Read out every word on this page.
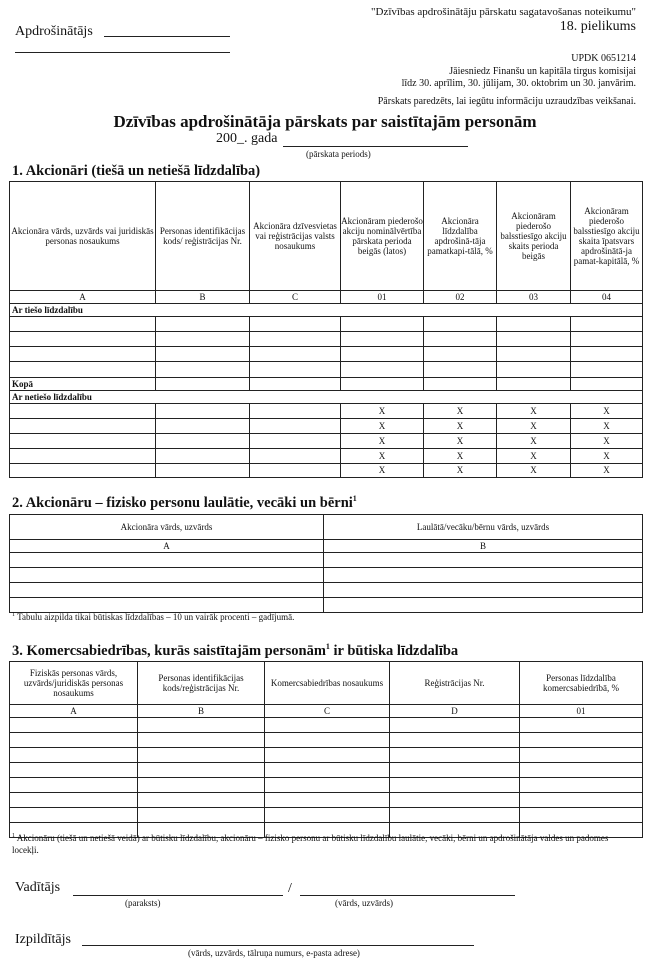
Apdrošinātājs
"Dzīvības apdrošinātāju pārskatu sagatavošanas noteikumu"
18. pielikums
UPDK 0651214
Jāiesniedz Finanšu un kapitāla tirgus komisijai
līdz 30. aprīlim, 30. jūlijam, 30. oktobrim un 30. janvārim.
Pārskats paredzēts, lai iegūtu informāciju uzraudzības veikšanai.
Dzīvības apdrošinātāja pārskats par saistītajām personām
200_. gada
(pārskata periods)
1. Akcionāri (tiešā un netiešā līdzdalība)
Akcionāra vārds, uzvārds vai juridiskās personas nosaukums	Personas identifikācijas kods/ reģistrācijas Nr.	Akcionāra dzīvesvietas vai reģistrācijas valsts nosaukums	Akcionāram piederošo akciju nominālvērtība pārskata perioda beigās (latos)	Akcionāra līdzdalība apdrošinā-tāja pamatkapi-tālā, %	Akcionāram piederošo balsstiesīgo akciju skaits perioda beigās	Akcionāram piederošo balsstiesīgo akciju skaita īpatsvars apdrošinātā-ja pamat-kapitālā, %
A	B	C	01	02	03	04
Ar tiešo līdzdalību						

Kopā						
Ar netiešo līdzdalību						
			X	X	X	X
			X	X	X	X
			X	X	X	X
			X	X	X	X
			X	X	X	X
2. Akcionāru – fizisko personu laulātie, vecāki un bērni$^1$
Akcionāra vārds, uzvārds	Laulātā/vecāku/bērnu vārds, uzvārds
A	B

$^1$ Tabulu aizpilda tikai būtiskas līdzdalības – 10 un vairāk procenti – gadījumā.
3. Komercsabiedrības, kurās saistītajām personām$^1$ ir būtiska līdzdalība
Fiziskās personas vārds, uzvārds/juridiskās personas nosaukums	Personas identifikācijas kods/reģistrācijas Nr.	Komercsabiedrības nosaukums	Reģistrācijas Nr.	Personas līdzdalība komercsabiedrībā, %
A	B	C	D	01

$^1$ Akcionāru (tiešā un netiešā veidā) ar būtisku līdzdalību, akcionāru – fizisko personu ar būtisku līdzdalību laulātie, vecāki, bērni un apdrošinātāja valdes un padomes locekļi.
Vadītājs	/
(paraksts)	(vārds, uzvārds)
Izpildītājs
(vārds, uzvārds, tālruņa numurs, e-pasta adrese)
